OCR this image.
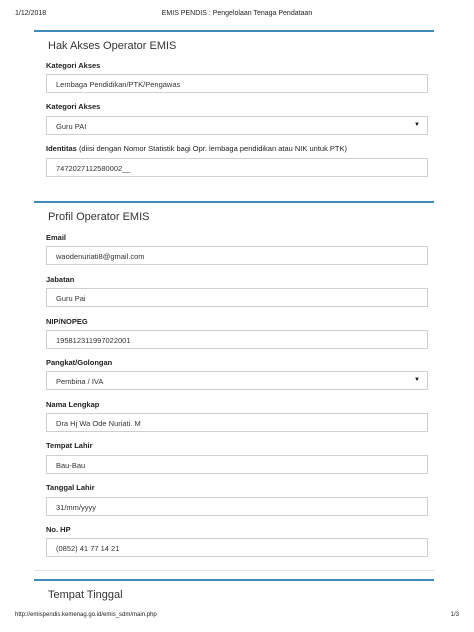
1/12/2018	EMIS PENDIS : Pengelolaan Tenaga Pendataan
Hak Akses Operator EMIS
Kategori Akses
Lembaga Pendidikan/PTK/Pengawas
Kategori Akses
Guru PAI	▼
Identitas (diisi dengan Nomor Statistik bagi Opr. lembaga pendidikan atau NIK untuk PTK)
7472027112580002__
Profil Operator EMIS
Email
waodenuriati8@gmail.com
Jabatan
Guru Pai
NIP/NOPEG
195812311997022001
Pangkat/Golongan
Pembina / IVA	▼
Nama Lengkap
Dra Hj Wa Ode Nuriati. M
Tempat Lahir
Bau-Bau
Tanggal Lahir
31/mm/yyyy
No. HP
(0852) 41 77 14 21
Tempat Tinggal
http://emispendis.kemenag.go.id/emis_sdm/main.php	1/3
